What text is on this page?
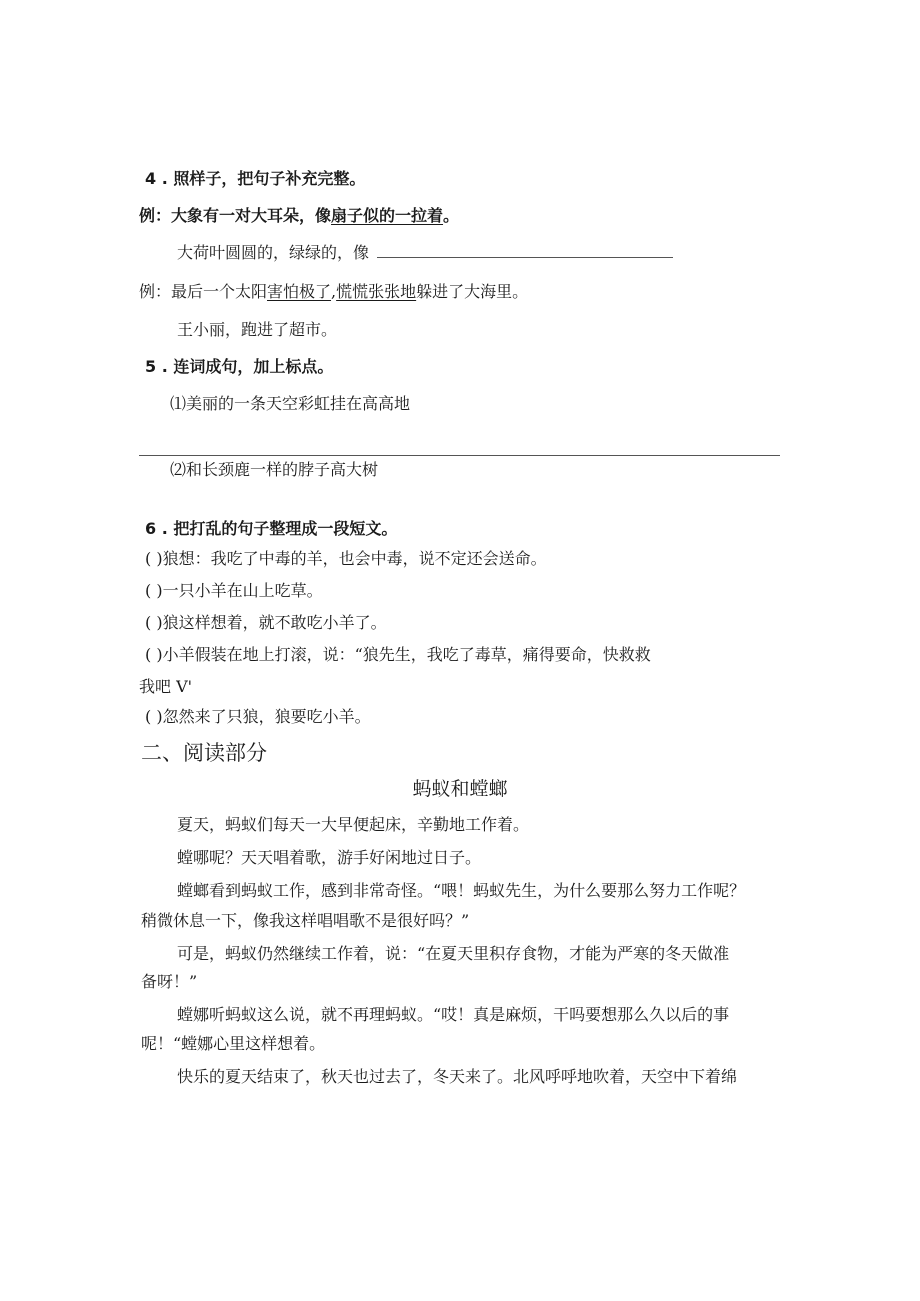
4 . 照样子，把句子补充完整。
例：大象有一对大耳朵，像扇子似的一拉着。
大荷叶圆圆的，绿绿的，像
例：最后一个太阳害怕极了,慌慌张张地躲进了大海里。
王小丽，跑进了超市。
5 . 连词成句，加上标点。
⑴美丽的一条天空彩虹挂在高高地
⑵和长颈鹿一样的脖子高大树
6 . 把打乱的句子整理成一段短文。
( )狼想：我吃了中毒的羊，也会中毒，说不定还会送命。
( )一只小羊在山上吃草。
( )狼这样想着，就不敢吃小羊了。
( )小羊假装在地上打滚，说：“狼先生，我吃了毒草，痛得要命，快救救
我吧 V'
( )忽然来了只狼，狼要吃小羊。
二、阅读部分
蚂蚁和螳螂
夏天，蚂蚁们每天一大早便起床，辛勤地工作着。
螳哪呢？天天唱着歌，游手好闲地过日子。
螳螂看到蚂蚁工作，感到非常奇怪。“喂！蚂蚁先生，为什么要那么努力工作呢？
稍微休息一下，像我这样唱唱歌不是很好吗？”
可是，蚂蚁仍然继续工作着，说：“在夏天里积存食物，才能为严寒的冬天做准
备呀！”
螳娜听蚂蚁这么说，就不再理蚂蚁。“哎！真是麻烦，干吗要想那么久以后的事
呢！“螳娜心里这样想着。
快乐的夏天结束了，秋天也过去了，冬天来了。北风呼呼地吹着，天空中下着绵
